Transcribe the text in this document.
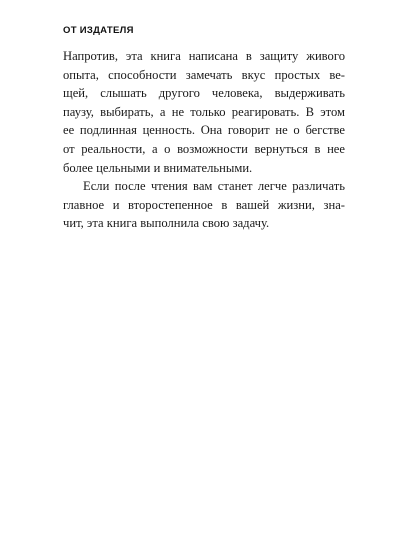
ОТ ИЗДАТЕЛЯ

Напротив, эта книга написана в защиту живого
опыта, способности замечать вкус простых ве-
щей, слышать другого человека, выдерживать
паузу, выбирать, а не только реагировать. В этом
ее подлинная ценность. Она говорит не о бегстве
от реальности, а о возможности вернуться в нее
более цельными и внимательными.

Если после чтения вам станет легче различать
главное и второстепенное в вашей жизни, зна-
чит, эта книга выполнила свою задачу.
